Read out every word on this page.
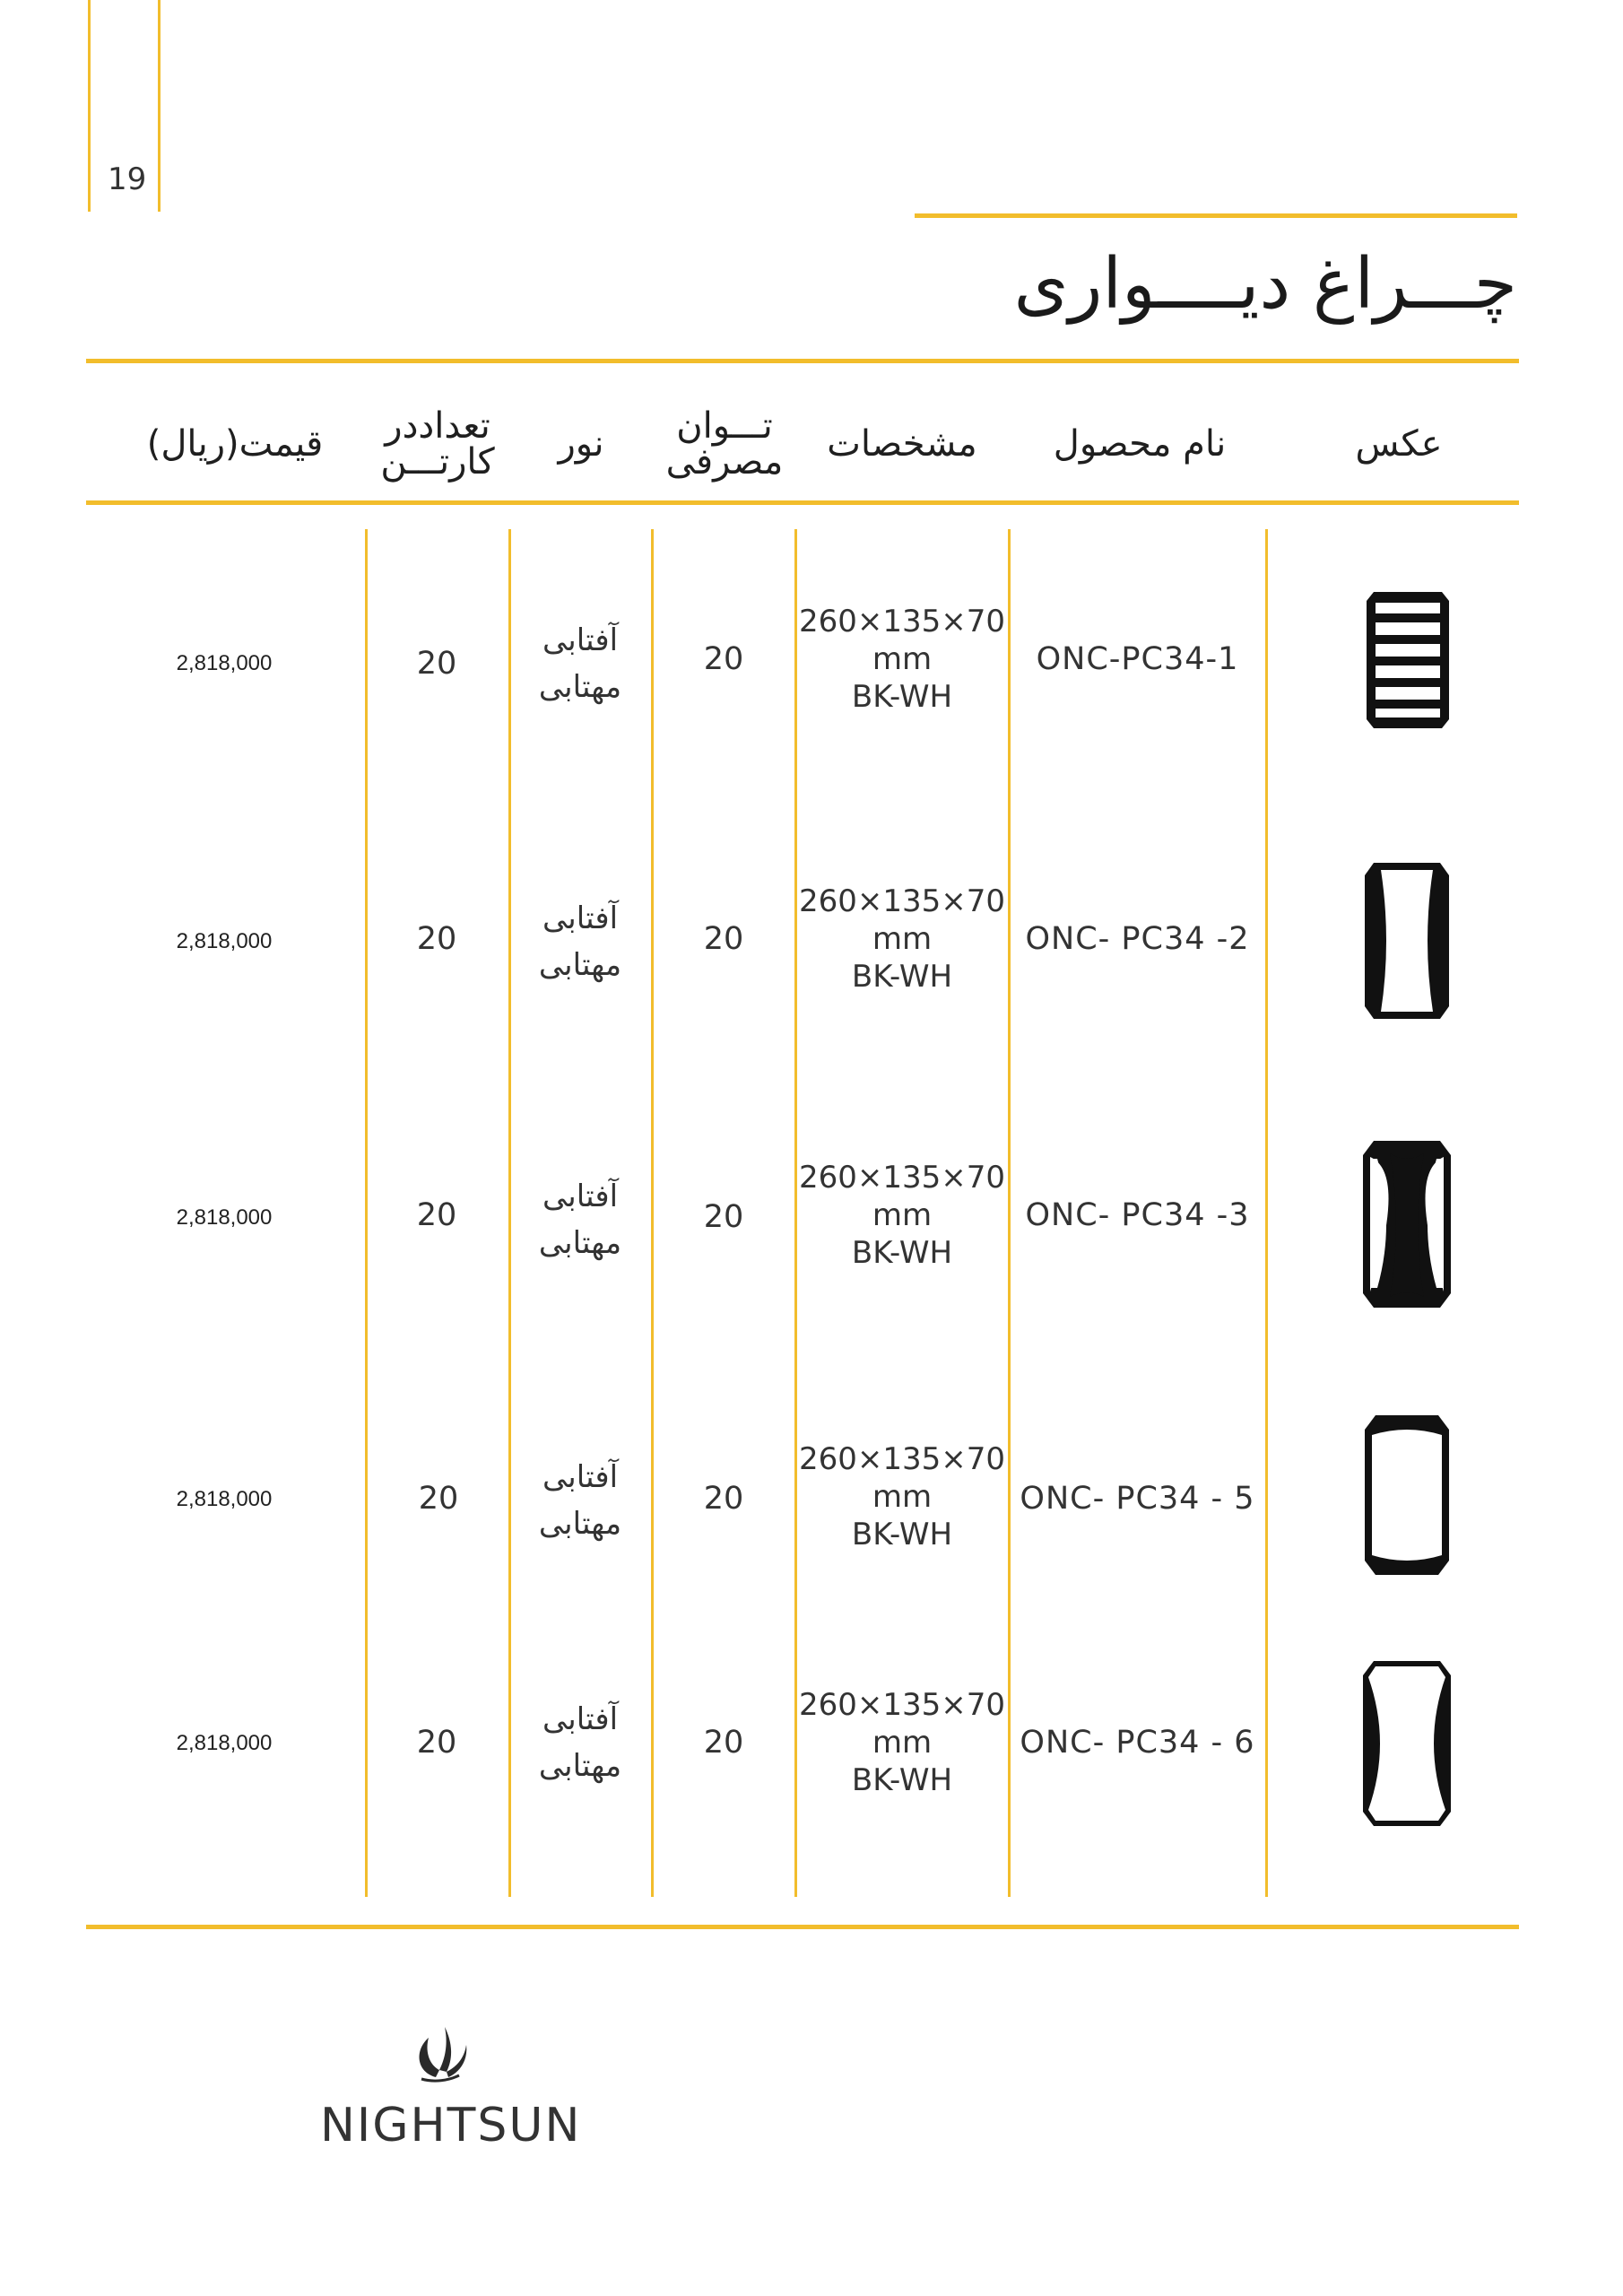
19
چـــراغ دیــــواری
عکس
نام محصول
مشخصات
تـــوان
مصرفی
نور
تعداددر
کارتـــن
قیمت(ریال)
ONC-PC34-1
260×135×70
mm
BK-WH
20
آفتابی
مهتابی
20
2,818,000
ONC- PC34 -2
260×135×70
mm
BK-WH
20
آفتابی
مهتابی
20
2,818,000
ONC- PC34 -3
260×135×70
mm
BK-WH
20
آفتابی
مهتابی
20
2,818,000
ONC- PC34 - 5
260×135×70
mm
BK-WH
20
آفتابی
مهتابی
20
2,818,000
ONC- PC34 - 6
260×135×70
mm
BK-WH
20
آفتابی
مهتابی
20
2,818,000
NIGHTSUN
